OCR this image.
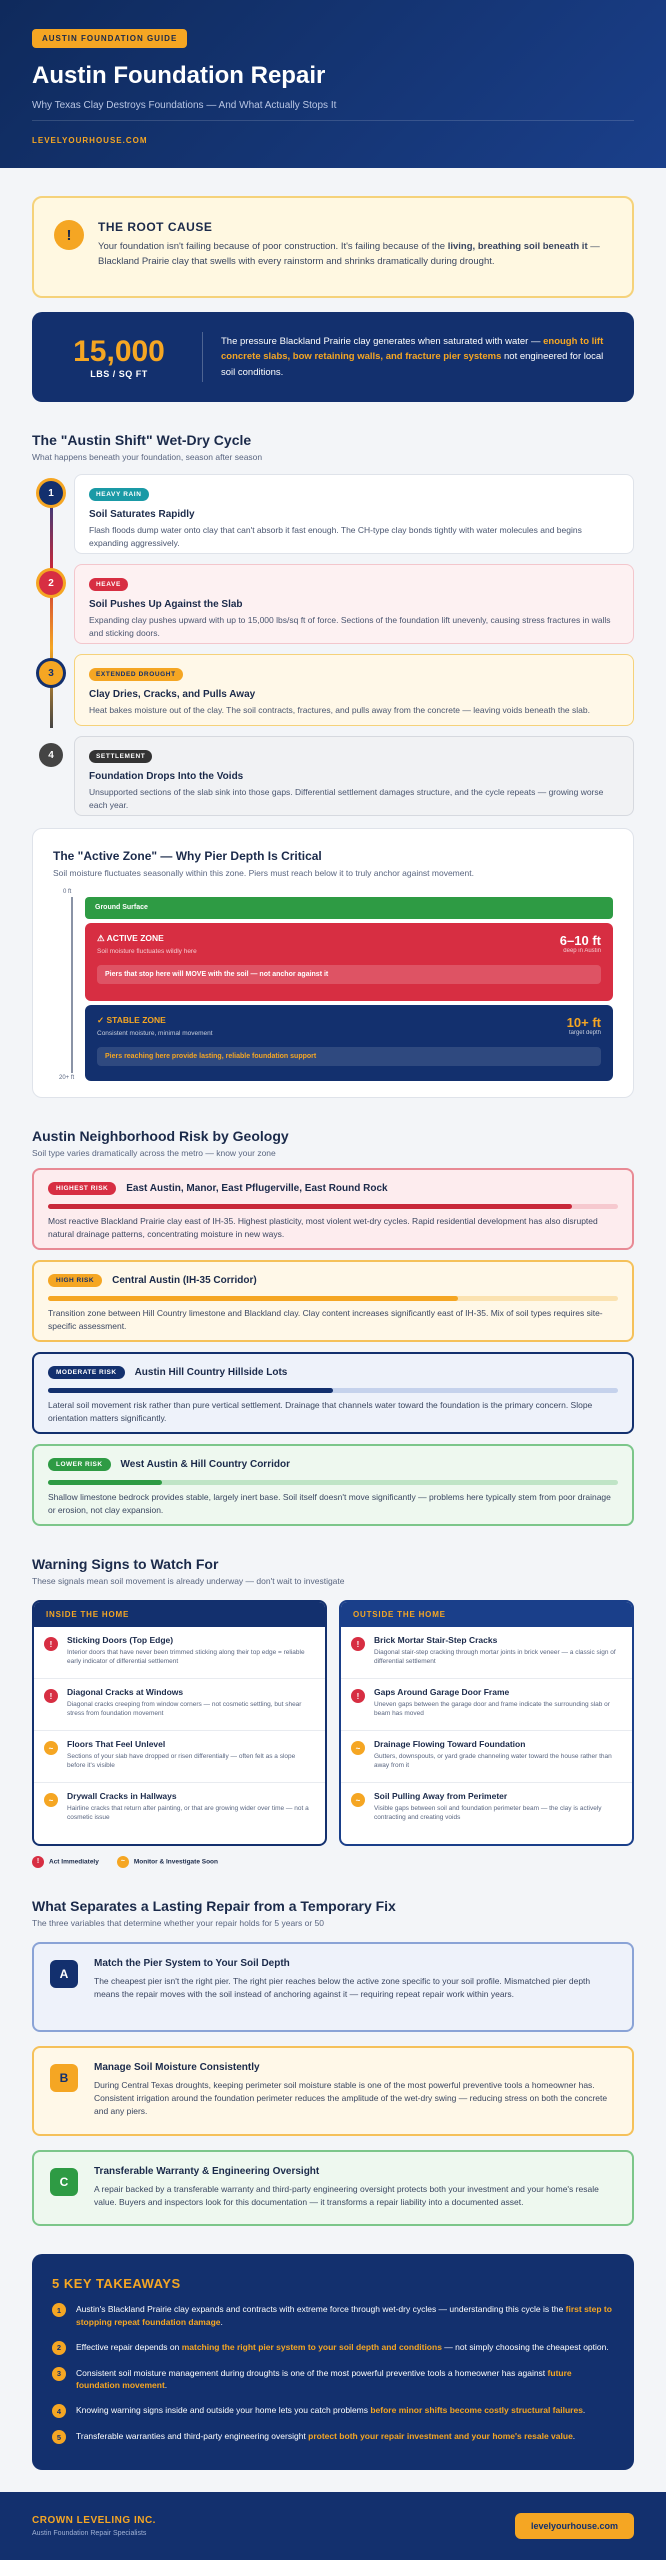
AUSTIN FOUNDATION GUIDE
Austin Foundation Repair
Why Texas Clay Destroys Foundations — And What Actually Stops It
LEVELYOURHOUSE.COM
!	THE ROOT CAUSE

Your foundation isn't failing because of poor construction. It's failing because of the living, breathing soil beneath it — Blackland Prairie clay that swells with every rainstorm and shrinks dramatically during drought.

15,000
LBS / SQ FT

The pressure Blackland Prairie clay generates when saturated with water — enough to lift concrete slabs, bow retaining walls, and fracture pier systems not engineered for local soil conditions.

The "Austin Shift" Wet-Dry Cycle
What happens beneath your foundation, season after season
1	HEAVY RAIN
Soil Saturates Rapidly

Flash floods dump water onto clay that can't absorb it fast enough. The CH-type clay bonds tightly with water molecules and begins expanding aggressively.

2	HEAVE
Soil Pushes Up Against the Slab

Expanding clay pushes upward with up to 15,000 lbs/sq ft of force. Sections of the foundation lift unevenly, causing stress fractures in walls and sticking doors.

3	EXTENDED DROUGHT
Clay Dries, Cracks, and Pulls Away

Heat bakes moisture out of the clay. The soil contracts, fractures, and pulls away from the concrete — leaving voids beneath the slab.

4	SETTLEMENT
Foundation Drops Into the Voids

Unsupported sections of the slab sink into those gaps. Differential settlement damages structure, and the cycle repeats — growing worse each year.

The "Active Zone" — Why Pier Depth Is Critical
Soil moisture fluctuates seasonally within this zone. Piers must reach below it to truly anchor against movement.
0 ft
20+ ft
Ground Surface
⚠ ACTIVE ZONE
Soil moisture fluctuates wildly here
6–10 ft
deep in Austin
Piers that stop here will MOVE with the soil — not anchor against it
✓ STABLE ZONE
Consistent moisture, minimal movement
10+ ft
target depth
Piers reaching here provide lasting, reliable foundation support
Austin Neighborhood Risk by Geology
Soil type varies dramatically across the metro — know your zone
HIGHEST RISK	East Austin, Manor, East Pflugerville, East Round Rock

Most reactive Blackland Prairie clay east of IH-35. Highest plasticity, most violent wet-dry cycles. Rapid residential development has also disrupted natural drainage patterns, concentrating moisture in new ways.

HIGH RISK	Central Austin (IH-35 Corridor)

Transition zone between Hill Country limestone and Blackland clay. Clay content increases significantly east of IH-35. Mix of soil types requires site-specific assessment.

MODERATE RISK	Austin Hill Country Hillside Lots

Lateral soil movement risk rather than pure vertical settlement. Drainage that channels water toward the foundation is the primary concern. Slope orientation matters significantly.

LOWER RISK	West Austin & Hill Country Corridor

Shallow limestone bedrock provides stable, largely inert base. Soil itself doesn't move significantly — problems here typically stem from poor drainage or erosion, not clay expansion.

Warning Signs to Watch For
These signals mean soil movement is already underway — don't wait to investigate
INSIDE THE HOME
!	Sticking Doors (Top Edge)

Interior doors that have never been trimmed sticking along their top edge = reliable early indicator of differential settlement

!	Diagonal Cracks at Windows

Diagonal cracks creeping from window corners — not cosmetic settling, but shear stress from foundation movement

~	Floors That Feel Unlevel

Sections of your slab have dropped or risen differentially — often felt as a slope before it's visible

~	Drywall Cracks in Hallways

Hairline cracks that return after painting, or that are growing wider over time — not a cosmetic issue

OUTSIDE THE HOME
!	Brick Mortar Stair-Step Cracks

Diagonal stair-step cracking through mortar joints in brick veneer — a classic sign of differential settlement

!	Gaps Around Garage Door Frame

Uneven gaps between the garage door and frame indicate the surrounding slab or beam has moved

~	Drainage Flowing Toward Foundation

Gutters, downspouts, or yard grade channeling water toward the house rather than away from it

~	Soil Pulling Away from Perimeter

Visible gaps between soil and foundation perimeter beam — the clay is actively contracting and creating voids

! Act Immediately	~ Monitor & Investigate Soon
What Separates a Lasting Repair from a Temporary Fix
The three variables that determine whether your repair holds for 5 years or 50
A
Match the Pier System to Your Soil Depth

The cheapest pier isn't the right pier. The right pier reaches below the active zone specific to your soil profile. Mismatched pier depth means the repair moves with the soil instead of anchoring against it — requiring repeat repair work within years.

B
Manage Soil Moisture Consistently

During Central Texas droughts, keeping perimeter soil moisture stable is one of the most powerful preventive tools a homeowner has. Consistent irrigation around the foundation perimeter reduces the amplitude of the wet-dry swing — reducing stress on both the concrete and any piers.

C
Transferable Warranty & Engineering Oversight

A repair backed by a transferable warranty and third-party engineering oversight protects both your investment and your home's resale value. Buyers and inspectors look for this documentation — it transforms a repair liability into a documented asset.

5 KEY TAKEAWAYS
1	Austin's Blackland Prairie clay expands and contracts with extreme force through wet-dry cycles — understanding this cycle is the first step to stopping repeat foundation damage.

2	Effective repair depends on matching the right pier system to your soil depth and conditions — not simply choosing the cheapest option.

3	Consistent soil moisture management during droughts is one of the most powerful preventive tools a homeowner has against future foundation movement.

4	Knowing warning signs inside and outside your home lets you catch problems before minor shifts become costly structural failures.

5	Transferable warranties and third-party engineering oversight protect both your repair investment and your home's resale value.

CROWN LEVELING INC.
Austin Foundation Repair Specialists
levelyourhouse.com
